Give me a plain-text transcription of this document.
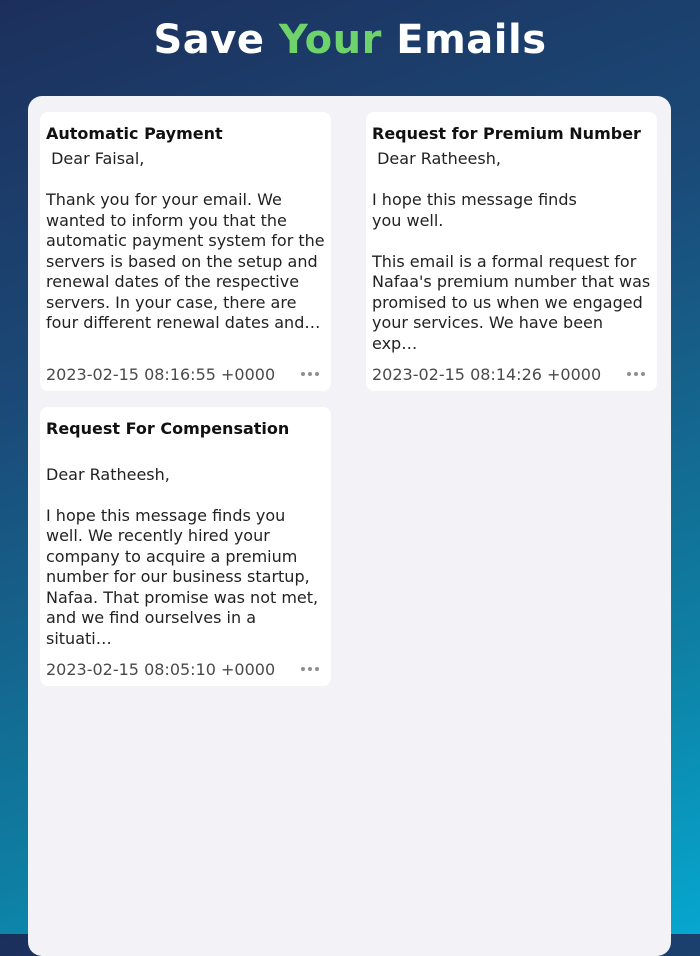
Save Your Emails
Automatic Payment
Dear Faisal,

Thank you for your email. We wanted to inform you that the automatic payment system for the servers is based on the setup and renewal dates of the respective servers. In your case, there are four different renewal dates and…
2023-02-15 08:16:55 +0000
Request for Premium Number
Dear Ratheesh,

I hope this message finds
you well.

This email is a formal request for Nafaa's premium number that was promised to us when we engaged your services. We have been exp…
2023-02-15 08:14:26 +0000
Request For Compensation

Dear Ratheesh,

I hope this message finds you well. We recently hired your company to acquire a premium number for our business startup, Nafaa. That promise was not met, and we find ourselves in a situati…
2023-02-15 08:05:10 +0000
